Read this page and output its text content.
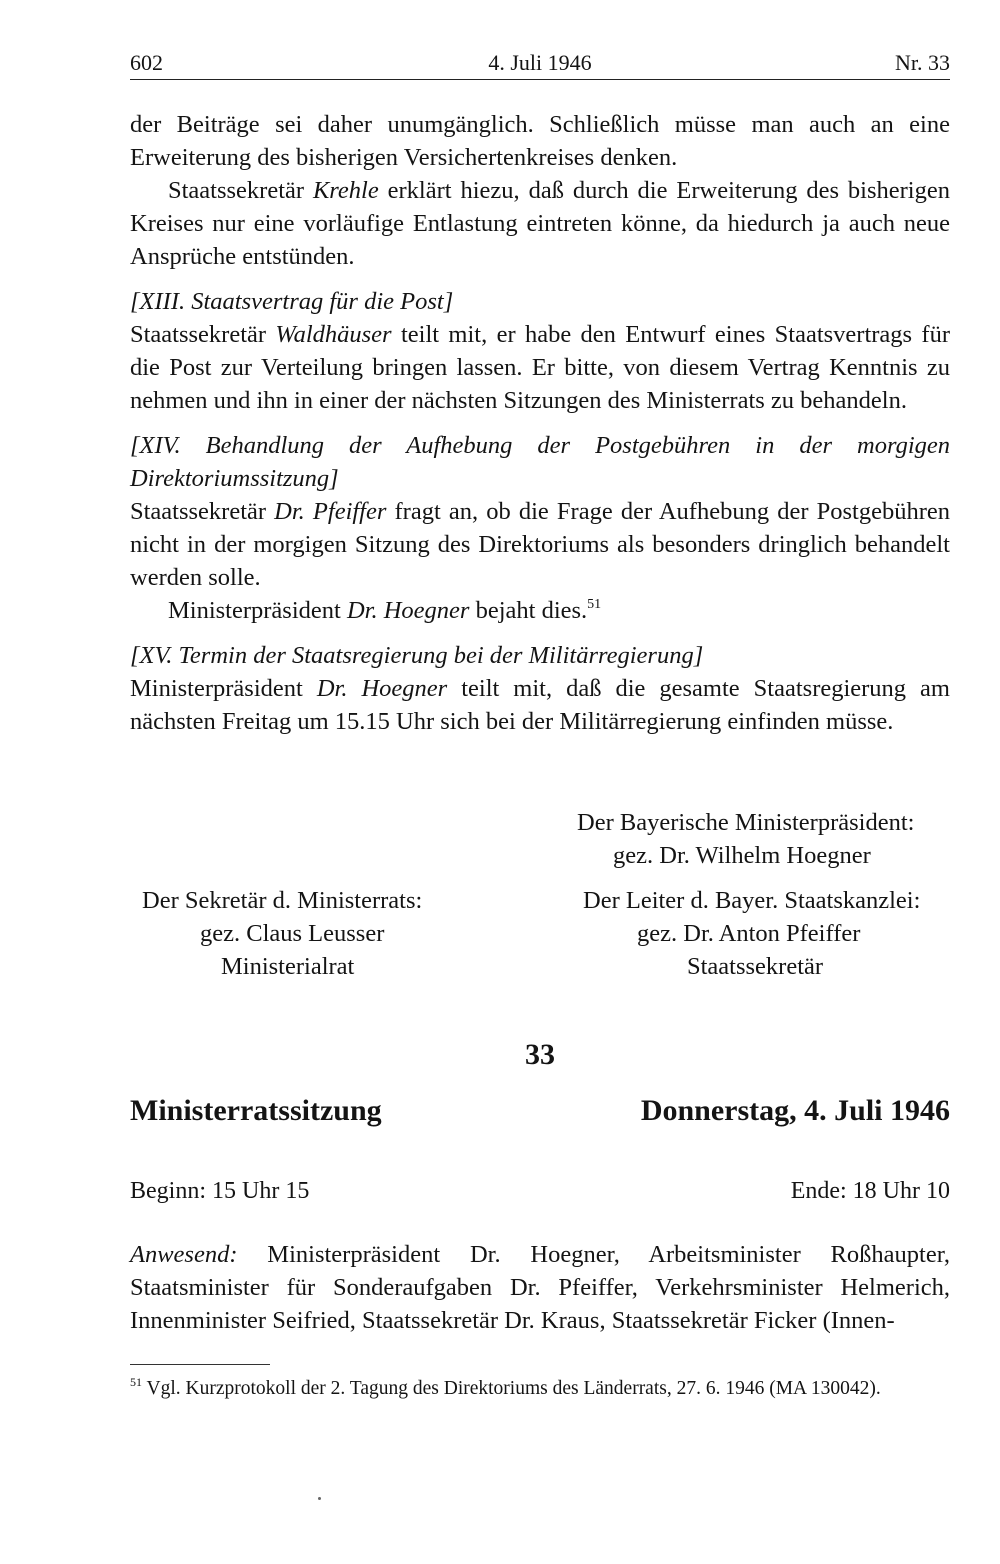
602	4. Juli 1946	Nr. 33

der Beiträge sei daher unumgänglich. Schließlich müsse man auch an eine Erweiterung des bisherigen Versichertenkreises denken.

Staatssekretär Krehle erklärt hiezu, daß durch die Erweiterung des bisherigen Kreises nur eine vorläufige Entlastung eintreten könne, da hiedurch ja auch neue Ansprüche entstünden.

[XIII. Staatsvertrag für die Post]

Staatssekretär Waldhäuser teilt mit, er habe den Entwurf eines Staatsvertrags für die Post zur Verteilung bringen lassen. Er bitte, von diesem Vertrag Kenntnis zu nehmen und ihn in einer der nächsten Sitzungen des Ministerrats zu behandeln.

[XIV. Behandlung der Aufhebung der Postgebühren in der morgigen Direktoriumssitzung]

Staatssekretär Dr. Pfeiffer fragt an, ob die Frage der Aufhebung der Postgebühren nicht in der morgigen Sitzung des Direktoriums als besonders dringlich behandelt werden solle.

Ministerpräsident Dr. Hoegner bejaht dies.$^{51}$

[XV. Termin der Staatsregierung bei der Militärregierung]

Ministerpräsident Dr. Hoegner teilt mit, daß die gesamte Staatsregierung am nächsten Freitag um 15.15 Uhr sich bei der Militärregierung einfinden müsse.

Der Bayerische Ministerpräsident:
gez. Dr. Wilhelm Hoegner
Der Sekretär d. Ministerrats:
gez. Claus Leusser
Ministerialrat
Der Leiter d. Bayer. Staatskanzlei:
gez. Dr. Anton Pfeiffer
Staatssekretär
33
Ministerratssitzung	Donnerstag, 4. Juli 1946
Beginn: 15 Uhr 15	Ende: 18 Uhr 10

Anwesend: Ministerpräsident Dr. Hoegner, Arbeitsminister Roßhaupter, Staatsminister für Sonderaufgaben Dr. Pfeiffer, Verkehrsminister Helmerich, Innenminister Seifried, Staatssekretär Dr. Kraus, Staatssekretär Ficker (Innen-

$^{51}$ Vgl. Kurzprotokoll der 2. Tagung des Direktoriums des Länderrats, 27. 6. 1946 (MA 130042).
